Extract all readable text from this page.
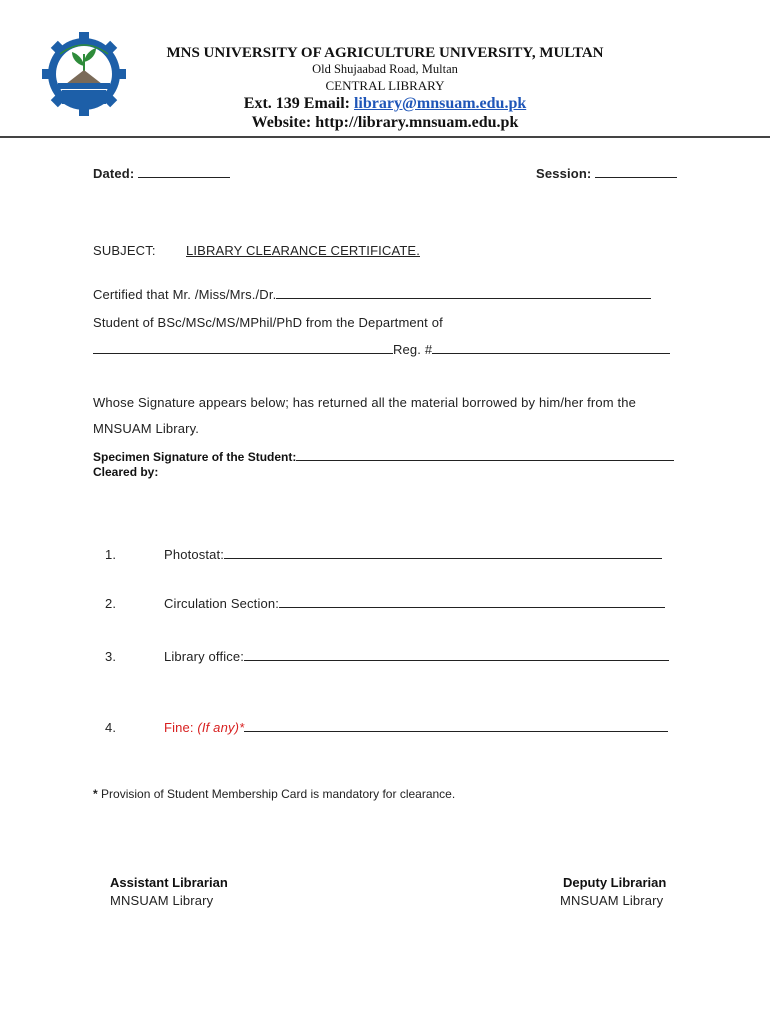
MNS UNIVERSITY OF AGRICULTURE UNIVERSITY, MULTAN
Old Shujaabad Road, Multan
CENTRAL LIBRARY
Ext. 139 Email: library@mnsuam.edu.pk
Website: http://library.mnsuam.edu.pk
Dated:	Session:
SUBJECT: LIBRARY CLEARANCE CERTIFICATE.
Certified that Mr. /Miss/Mrs./Dr.
Student of BSc/MSc/MS/MPhil/PhD from the Department of
Reg. #
Whose Signature appears below; has returned all the material borrowed by him/her from the
MNSUAM Library.
Specimen Signature of the Student:
Cleared by:
1.	Photostat:
2.	Circulation Section:
3.	Library office:
4.	Fine: (If any)*
* Provision of Student Membership Card is mandatory for clearance.
Assistant Librarian
MNSUAM Library
Deputy Librarian
MNSUAM Library
